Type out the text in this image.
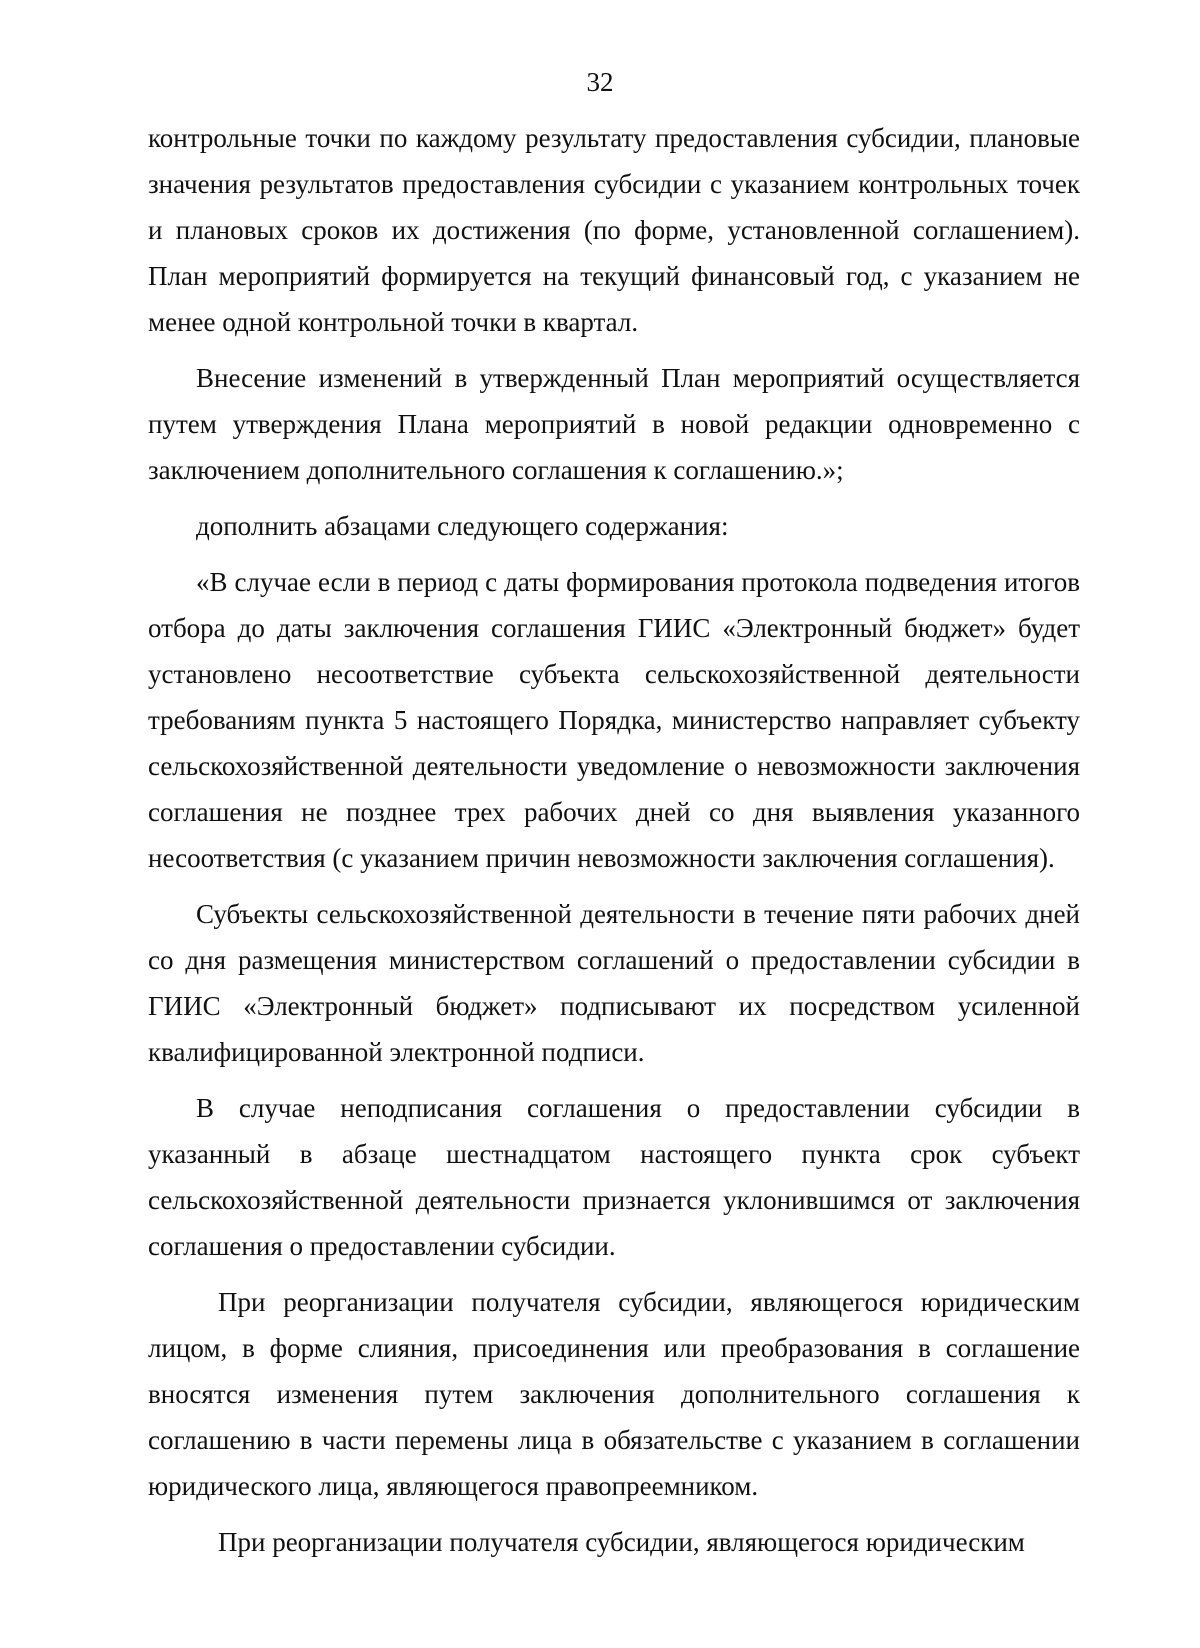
32

контрольные точки по каждому результату предоставления субсидии, плановые значения результатов предоставления субсидии с указанием контрольных точек и плановых сроков их достижения (по форме, установленной соглашением). План мероприятий формируется на текущий финансовый год, с указанием не менее одной контрольной точки в квартал.

Внесение изменений в утвержденный План мероприятий осуществляется путем утверждения Плана мероприятий в новой редакции одновременно с заключением дополнительного соглашения к соглашению.»;

дополнить абзацами следующего содержания:

«В случае если в период с даты формирования протокола подведения итогов отбора до даты заключения соглашения ГИИС «Электронный бюджет» будет установлено несоответствие субъекта сельскохозяйственной деятельности требованиям пункта 5 настоящего Порядка, министерство направляет субъекту сельскохозяйственной деятельности уведомление о невозможности заключения соглашения не позднее трех рабочих дней со дня выявления указанного несоответствия (с указанием причин невозможности заключения соглашения).

Субъекты сельскохозяйственной деятельности в течение пяти рабочих дней со дня размещения министерством соглашений о предоставлении субсидии в ГИИС «Электронный бюджет» подписывают их посредством усиленной квалифицированной электронной подписи.

В случае неподписания соглашения о предоставлении субсидии в указанный в абзаце шестнадцатом настоящего пункта срок субъект сельскохозяйственной деятельности признается уклонившимся от заключения соглашения о предоставлении субсидии.

При реорганизации получателя субсидии, являющегося юридическим лицом, в форме слияния, присоединения или преобразования в соглашение вносятся изменения путем заключения дополнительного соглашения к соглашению в части перемены лица в обязательстве с указанием в соглашении юридического лица, являющегося правопреемником.

При реорганизации получателя субсидии, являющегося юридическим
